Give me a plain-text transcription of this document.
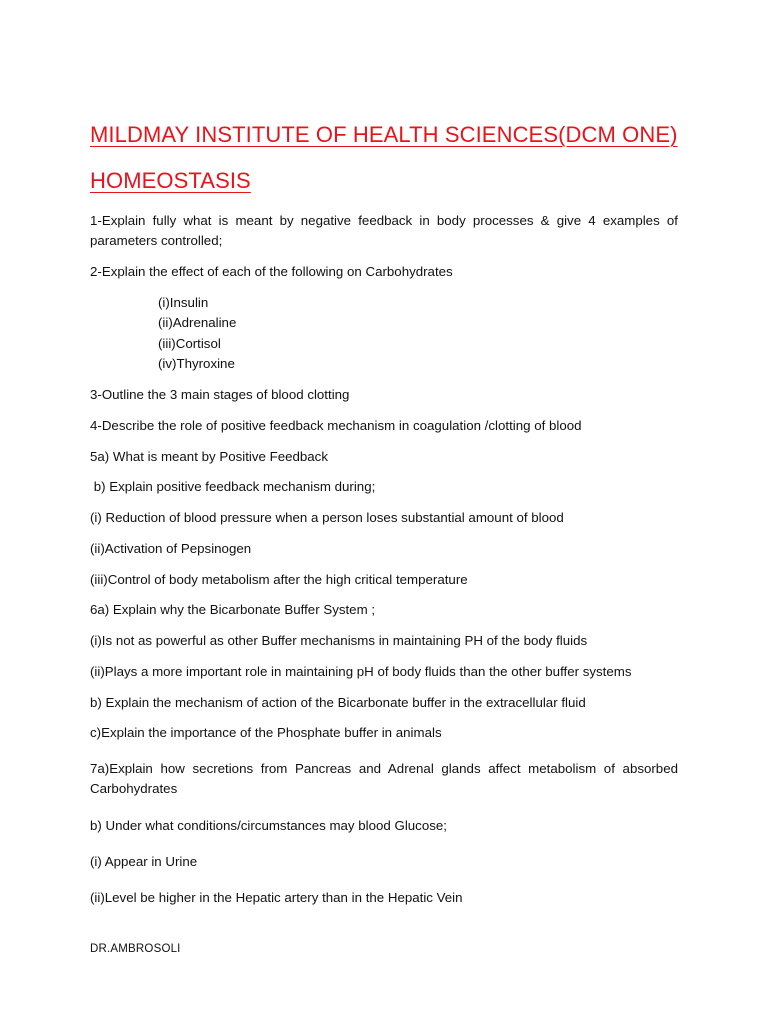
MILDMAY INSTITUTE OF HEALTH SCIENCES(DCM ONE)
HOMEOSTASIS
1-Explain fully what is meant by negative feedback in body processes & give 4 examples of parameters controlled;
2-Explain the effect of each of the following on Carbohydrates
(i)Insulin
(ii)Adrenaline
(iii)Cortisol
(iv)Thyroxine
3-Outline the 3 main stages of blood clotting
4-Describe the role of positive feedback mechanism in coagulation /clotting of blood
5a) What is meant by Positive Feedback
b) Explain positive feedback mechanism during;
(i) Reduction of blood pressure when a person loses substantial amount of blood
(ii)Activation of Pepsinogen
(iii)Control of body metabolism after the high critical temperature
6a) Explain why the Bicarbonate Buffer System ;
(i)Is not as powerful as other Buffer mechanisms in maintaining PH of the body fluids
(ii)Plays a more important role in maintaining pH of body fluids than the other buffer systems
b) Explain the mechanism of action of the Bicarbonate buffer in the extracellular fluid
c)Explain the importance of the Phosphate buffer in animals
7a)Explain how secretions from Pancreas and Adrenal glands affect metabolism of absorbed Carbohydrates
b) Under what conditions/circumstances may blood Glucose;
(i) Appear in Urine
(ii)Level be higher in the Hepatic artery than in the Hepatic Vein
DR.AMBROSOLI
